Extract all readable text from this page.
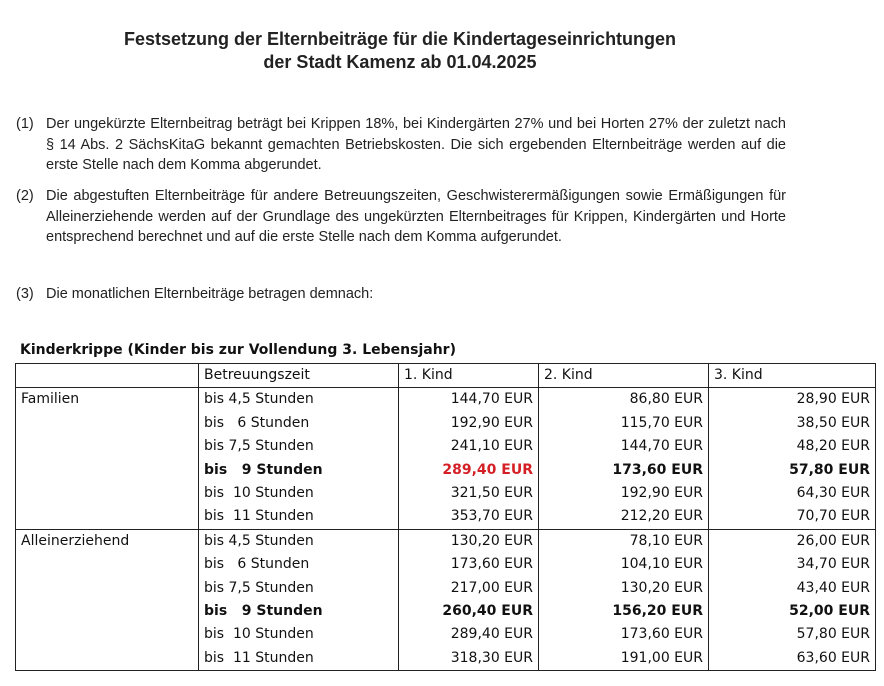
Festsetzung der Elternbeiträge für die Kindertageseinrichtungen
der Stadt Kamenz ab 01.04.2025
(1) Der ungekürzte Elternbeitrag beträgt bei Krippen 18%, bei Kindergärten 27% und bei Horten 27% der zuletzt nach § 14 Abs. 2 SächsKitaG bekannt gemachten Betriebskosten. Die sich ergebenden Elternbeiträge werden auf die erste Stelle nach dem Komma abgerundet.
(2) Die abgestuften Elternbeiträge für andere Betreuungszeiten, Geschwisterermäßigungen sowie Ermäßigungen für Alleinerziehende werden auf der Grundlage des ungekürzten Elternbeitrages für Krippen, Kindergärten und Horte entsprechend berechnet und auf die erste Stelle nach dem Komma aufgerundet.
(3) Die monatlichen Elternbeiträge betragen demnach:
Kinderkrippe (Kinder bis zur Vollendung 3. Lebensjahr)
	Betreuungszeit	1. Kind	2. Kind	3. Kind
Familien	bis 4,5 Stunden	144,70 EUR	86,80 EUR	28,90 EUR
	bis   6 Stunden	192,90 EUR	115,70 EUR	38,50 EUR
	bis 7,5 Stunden	241,10 EUR	144,70 EUR	48,20 EUR
	bis   9 Stunden	289,40 EUR	173,60 EUR	57,80 EUR
	bis  10 Stunden	321,50 EUR	192,90 EUR	64,30 EUR
	bis  11 Stunden	353,70 EUR	212,20 EUR	70,70 EUR
Alleinerziehend	bis 4,5 Stunden	130,20 EUR	78,10 EUR	26,00 EUR
	bis   6 Stunden	173,60 EUR	104,10 EUR	34,70 EUR
	bis 7,5 Stunden	217,00 EUR	130,20 EUR	43,40 EUR
	bis   9 Stunden	260,40 EUR	156,20 EUR	52,00 EUR
	bis  10 Stunden	289,40 EUR	173,60 EUR	57,80 EUR
	bis  11 Stunden	318,30 EUR	191,00 EUR	63,60 EUR
